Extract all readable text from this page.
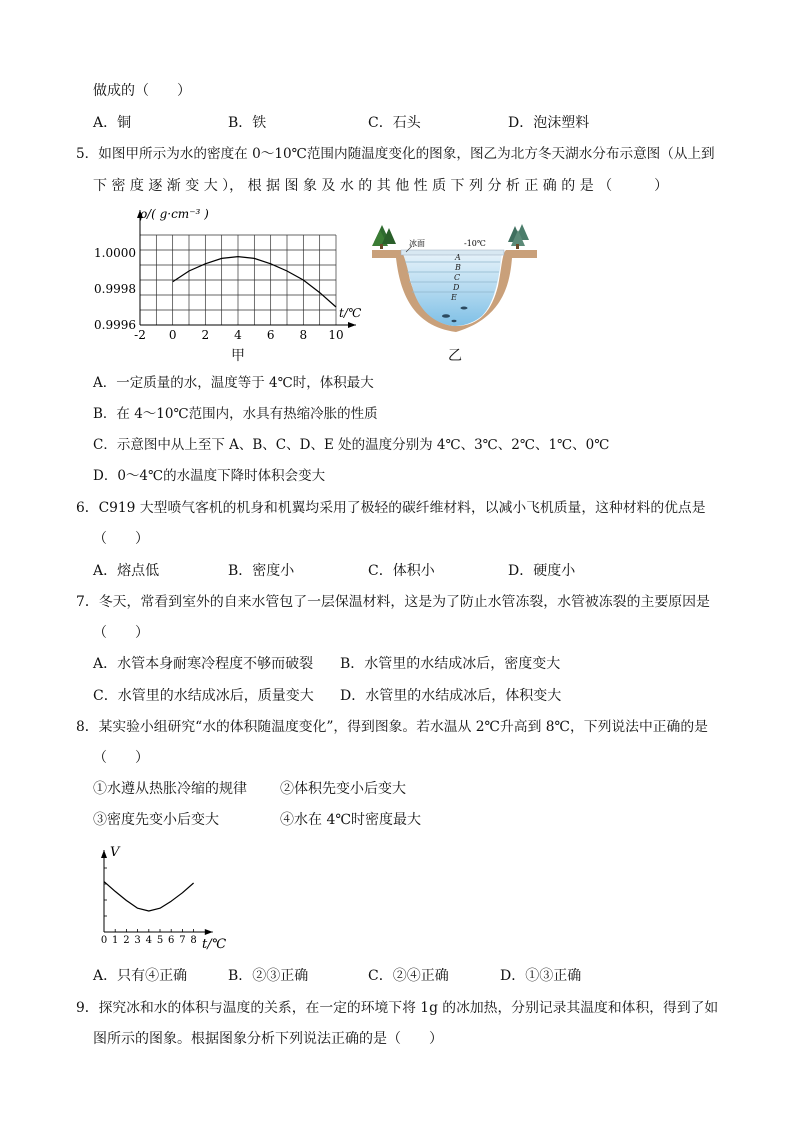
做成的（　　）
A．铜	B．铁	C．石头	D．泡沫塑料
5．如图甲所示为水的密度在 0～10℃范围内随温度变化的图象，图乙为北方冬天湖水分布示意图（从上到
下 密 度 逐 渐 变 大 ）， 根 据 图 象 及 水 的 其 他 性 质 下 列 分 析 正 确 的 是 （　　　）
-2 0 2 4 6 8 10
1.0000
0.9998
0.9996
ρ/( g·cm⁻³ )
t/℃
甲
冰面	-10℃
A
B
C
D
E
乙
A．一定质量的水，温度等于 4℃时，体积最大
B．在 4～10℃范围内，水具有热缩冷胀的性质
C．示意图中从上至下 A、B、C、D、E 处的温度分别为 4℃、3℃、2℃、1℃、0℃
D．0～4℃的水温度下降时体积会变大
6．C919 大型喷气客机的机身和机翼均采用了极轻的碳纤维材料，以减小飞机质量，这种材料的优点是
（　　）
A．熔点低	B．密度小	C．体积小	D．硬度小
7．冬天，常看到室外的自来水管包了一层保温材料，这是为了防止水管冻裂，水管被冻裂的主要原因是
（　　）
A．水管本身耐寒冷程度不够而破裂 B．水管里的水结成冰后，密度变大
C．水管里的水结成冰后，质量变大 D．水管里的水结成冰后，体积变大
8．某实验小组研究“水的体积随温度变化”，得到图象。若水温从 2℃升高到 8℃，下列说法中正确的是
（　　）
①水遵从热胀冷缩的规律 ②体积先变小后变大
③密度先变小后变大	④水在 4℃时密度最大
0 1 2 3 4 5 6 7 8
V
t/℃
A．只有④正确	B．②③正确	C．②④正确	D．①③正确
9．探究冰和水的体积与温度的关系，在一定的环境下将 1g 的冰加热，分别记录其温度和体积，得到了如
图所示的图象。根据图象分析下列说法正确的是（　　）
